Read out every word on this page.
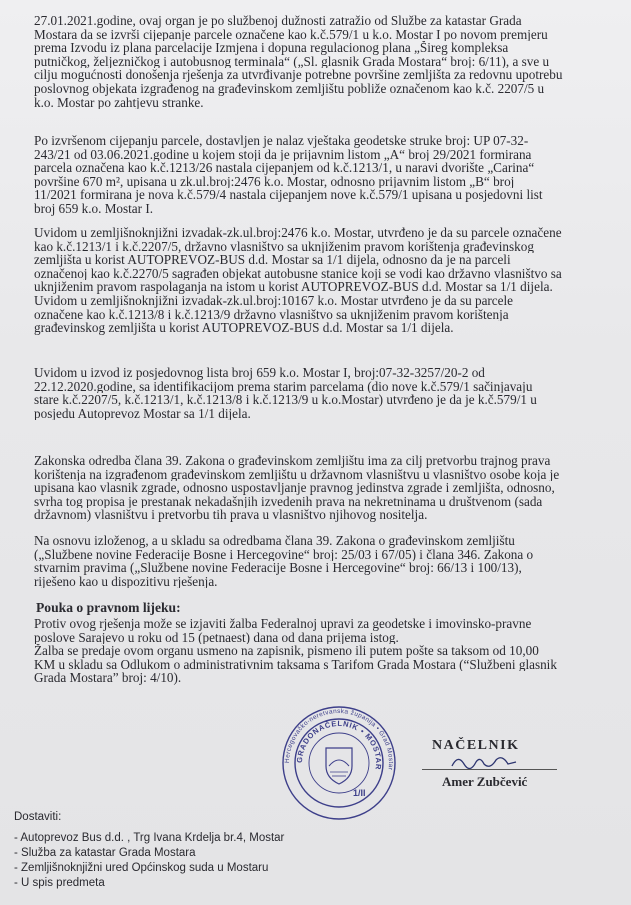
27.01.2021.godine, ovaj organ je po službenoj dužnosti zatražio od Službe za katastar Grada
Mostara da se izvrši cijepanje parcele označene kao k.č.579/1 u k.o. Mostar I po novom premjeru
prema Izvodu iz plana parcelacije Izmjena i dopuna regulacionog plana „Šireg kompleksa
putničkog, željezničkog i autobusnog terminala“ („Sl. glasnik Grada Mostara“ broj: 6/11), a sve u
cilju mogućnosti donošenja rješenja za utvrđivanje potrebne površine zemljišta za redovnu upotrebu
poslovnog objekata izgrađenog na građevinskom zemljištu pobliže označenom kao k.č. 2207/5 u
k.o. Mostar po zahtjevu stranke.
Po izvršenom cijepanju parcele, dostavljen je nalaz vještaka geodetske struke broj: UP 07-32-
243/21 od 03.06.2021.godine u kojem stoji da je prijavnim listom „A“ broj 29/2021 formirana
parcela označena kao k.č.1213/26 nastala cijepanjem od k.č.1213/1, u naravi dvorište „Carina“
površine 670 m², upisana u zk.ul.broj:2476 k.o. Mostar, odnosno prijavnim listom „B“ broj
11/2021 formirana je nova k.č.579/4 nastala cijepanjem nove k.č.579/1 upisana u posjedovni list
broj 659 k.o. Mostar I.
Uvidom u zemljišnoknjižni izvadak-zk.ul.broj:2476 k.o. Mostar, utvrđeno je da su parcele označene
kao k.č.1213/1 i k.č.2207/5, državno vlasništvo sa uknjiženim pravom korištenja građevinskog
zemljišta u korist AUTOPREVOZ-BUS d.d. Mostar sa 1/1 dijela, odnosno da je na parceli
označenoj kao k.č.2270/5 sagrađen objekat autobusne stanice koji se vodi kao državno vlasništvo sa
uknjiženim pravom raspolaganja na istom u korist AUTOPREVOZ-BUS d.d. Mostar sa 1/1 dijela.
Uvidom u zemljišnoknjižni izvadak-zk.ul.broj:10167 k.o. Mostar utvrđeno je da su parcele
označene kao k.č.1213/8 i k.č.1213/9 državno vlasništvo sa uknjiženim pravom korištenja
građevinskog zemljišta u korist AUTOPREVOZ-BUS d.d. Mostar sa 1/1 dijela.
Uvidom u izvod iz posjedovnog lista broj 659 k.o. Mostar I, broj:07-32-3257/20-2 od
22.12.2020.godine, sa identifikacijom prema starim parcelama (dio nove k.č.579/1 sačinjavaju
stare k.č.2207/5, k.č.1213/1, k.č.1213/8 i k.č.1213/9 u k.o.Mostar) utvrđeno je da je k.č.579/1 u
posjedu Autoprevoz Mostar sa 1/1 dijela.
Zakonska odredba člana 39. Zakona o građevinskom zemljištu ima za cilj pretvorbu trajnog prava
korištenja na izgrađenom građevinskom zemljištu u državnom vlasništvu u vlasništvo osobe koja je
upisana kao vlasnik zgrade, odnosno uspostavljanje pravnog jedinstva zgrade i zemljišta, odnosno,
svrha tog propisa je prestanak nekadašnjih izvedenih prava na nekretninama u društvenom (sada
državnom) vlasništvu i pretvorbu tih prava u vlasništvo njihovog nositelja.
Na osnovu izloženog, a u skladu sa odredbama člana 39. Zakona o građevinskom zemljištu
(„Službene novine Federacije Bosne i Hercegovine“ broj: 25/03 i 67/05) i člana 346. Zakona o
stvarnim pravima („Službene novine Federacije Bosne i Hercegovine“ broj: 66/13 i 100/13),
riješeno kao u dispozitivu rješenja.
Pouka o pravnom lijeku:
Protiv ovog rješenja može se izjaviti žalba Federalnoj upravi za geodetske i imovinsko-pravne
poslove Sarajevo u roku od 15 (petnaest) dana od dana prijema istog.
Žalba se predaje ovom organu usmeno na zapisnik, pismeno ili putem pošte sa taksom od 10,00
KM u skladu sa Odlukom o administrativnim taksama s Tarifom Grada Mostara (“Službeni glasnik
Grada Mostara” broj: 4/10).
Hercegovačko-neretvanska županija • Grad Mostar
GRADONAČELNIK • MOSTAR
1/II
NAČELNIK
Amer Zubčević
Dostaviti:
- Autoprevoz Bus d.d. , Trg Ivana Krdelja br.4, Mostar
- Služba za katastar Grada Mostara
- Zemljišnoknjižni ured Općinskog suda u Mostaru
- U spis predmeta
